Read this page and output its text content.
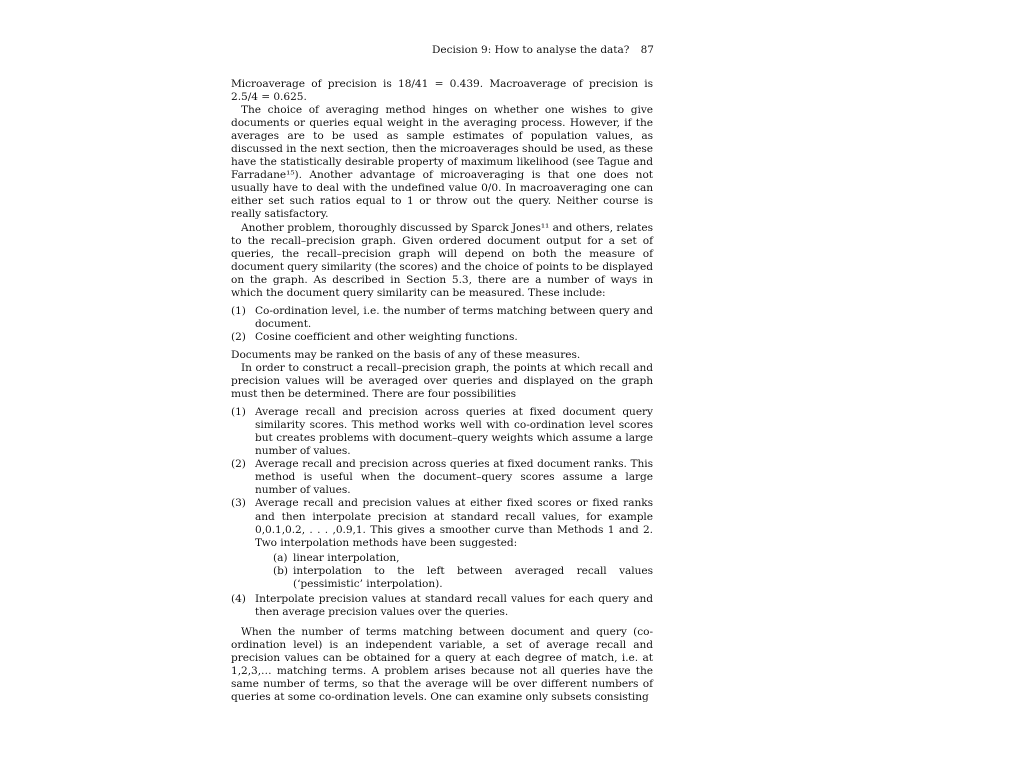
Decision 9: How to analyse the data? 87

Microaverage of precision is 18/41 = 0.439. Macroaverage of precision is 2.5/4 = 0.625.

The choice of averaging method hinges on whether one wishes to give documents or queries equal weight in the averaging process. However, if the averages are to be used as sample estimates of population values, as discussed in the next section, then the microaverages should be used, as these have the statistically desirable property of maximum likelihood (see Tague and Farradane¹⁵). Another advantage of microaveraging is that one does not usually have to deal with the undefined value 0/0. In macroaveraging one can either set such ratios equal to 1 or throw out the query. Neither course is really satisfactory.

Another problem, thoroughly discussed by Sparck Jones¹¹ and others, relates to the recall–precision graph. Given ordered document output for a set of queries, the recall–precision graph will depend on both the measure of document query similarity (the scores) and the choice of points to be displayed on the graph. As described in Section 5.3, there are a number of ways in which the document query similarity can be measured. These include:

(1) Co-ordination level, i.e. the number of terms matching between query and document.
(2) Cosine coefficient and other weighting functions.

Documents may be ranked on the basis of any of these measures.

In order to construct a recall–precision graph, the points at which recall and precision values will be averaged over queries and displayed on the graph must then be determined. There are four possibilities

(1) Average recall and precision across queries at fixed document query similarity scores. This method works well with co-ordination level scores but creates problems with document–query weights which assume a large number of values.
(2) Average recall and precision across queries at fixed document ranks. This method is useful when the document–query scores assume a large number of values.
(3) Average recall and precision values at either fixed scores or fixed ranks and then interpolate precision at standard recall values, for example 0,0.1,0.2, . . . ,0.9,1. This gives a smoother curve than Methods 1 and 2. Two interpolation methods have been suggested:
(a) linear interpolation,
(b) interpolation to the left between averaged recall values (‘pessimistic’ interpolation).
(4) Interpolate precision values at standard recall values for each query and then average precision values over the queries.

When the number of terms matching between document and query (co-ordination level) is an independent variable, a set of average recall and precision values can be obtained for a query at each degree of match, i.e. at 1,2,3,… matching terms. A problem arises because not all queries have the same number of terms, so that the average will be over different numbers of queries at some co-ordination levels. One can examine only subsets consisting
